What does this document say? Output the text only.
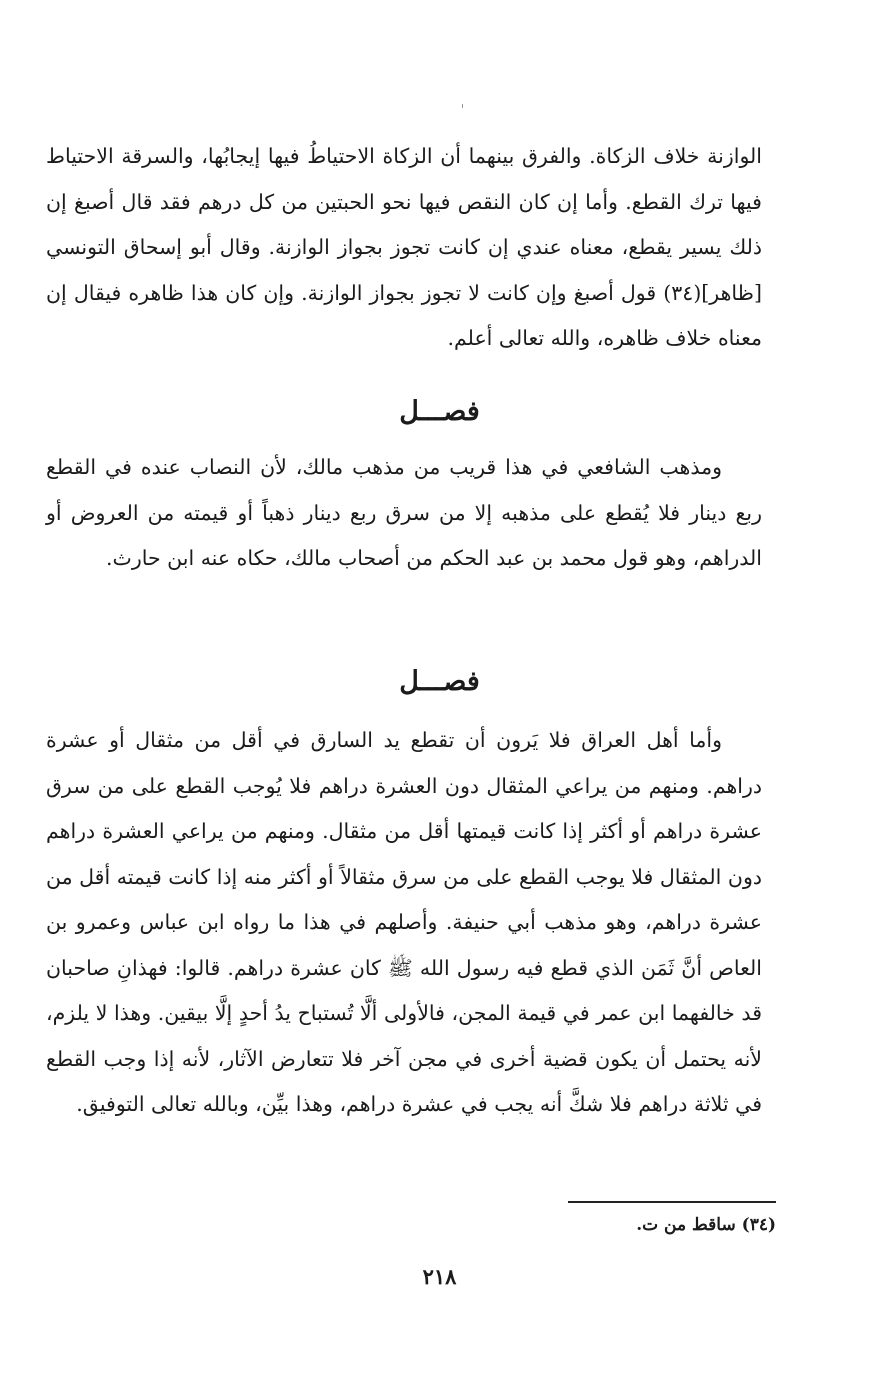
الوازنة خلاف الزكاة. والفرق بينهما أن الزكاة الاحتياطُ فيها إيجابُها، والسرقة الاحتياط فيها ترك القطع. وأما إن كان النقص فيها نحو الحبتين من كل درهم فقد قال أصبغ إن ذلك يسير يقطع، معناه عندي إن كانت تجوز بجواز الوازنة. وقال أبو إسحاق التونسي [ظاهر](٣٤) قول أصبغ وإن كانت لا تجوز بجواز الوازنة. وإن كان هذا ظاهره فيقال إن معناه خلاف ظاهره، والله تعالى أعلم.

فصـــل

ومذهب الشافعي في هذا قريب من مذهب مالك، لأن النصاب عنده في القطع ربع دينار فلا يُقطع على مذهبه إلا من سرق ربع دينار ذهباً أو قيمته من العروض أو الدراهم، وهو قول محمد بن عبد الحكم من أصحاب مالك، حكاه عنه ابن حارث.

فصـــل

وأما أهل العراق فلا يَرون أن تقطع يد السارق في أقل من مثقال أو عشرة دراهم. ومنهم من يراعي المثقال دون العشرة دراهم فلا يُوجب القطع على من سرق عشرة دراهم أو أكثر إذا كانت قيمتها أقل من مثقال. ومنهم من يراعي العشرة دراهم دون المثقال فلا يوجب القطع على من سرق مثقالاً أو أكثر منه إذا كانت قيمته أقل من عشرة دراهم، وهو مذهب أبي حنيفة. وأصلهم في هذا ما رواه ابن عباس وعمرو بن العاص أنَّ ثَمَن الذي قطع فيه رسول الله ﷺ كان عشرة دراهم. قالوا: فهذانِ صاحبان قد خالفهما ابن عمر في قيمة المجن، فالأولى ألَّا تُستباح يدُ أحدٍ إلَّا بيقين. وهذا لا يلزم، لأنه يحتمل أن يكون قضية أخرى في مجن آخر فلا تتعارض الآثار، لأنه إذا وجب القطع في ثلاثة دراهم فلا شكَّ أنه يجب في عشرة دراهم، وهذا بيِّن، وبالله تعالى التوفيق.

(٣٤) ساقط من ت.
٢١٨
